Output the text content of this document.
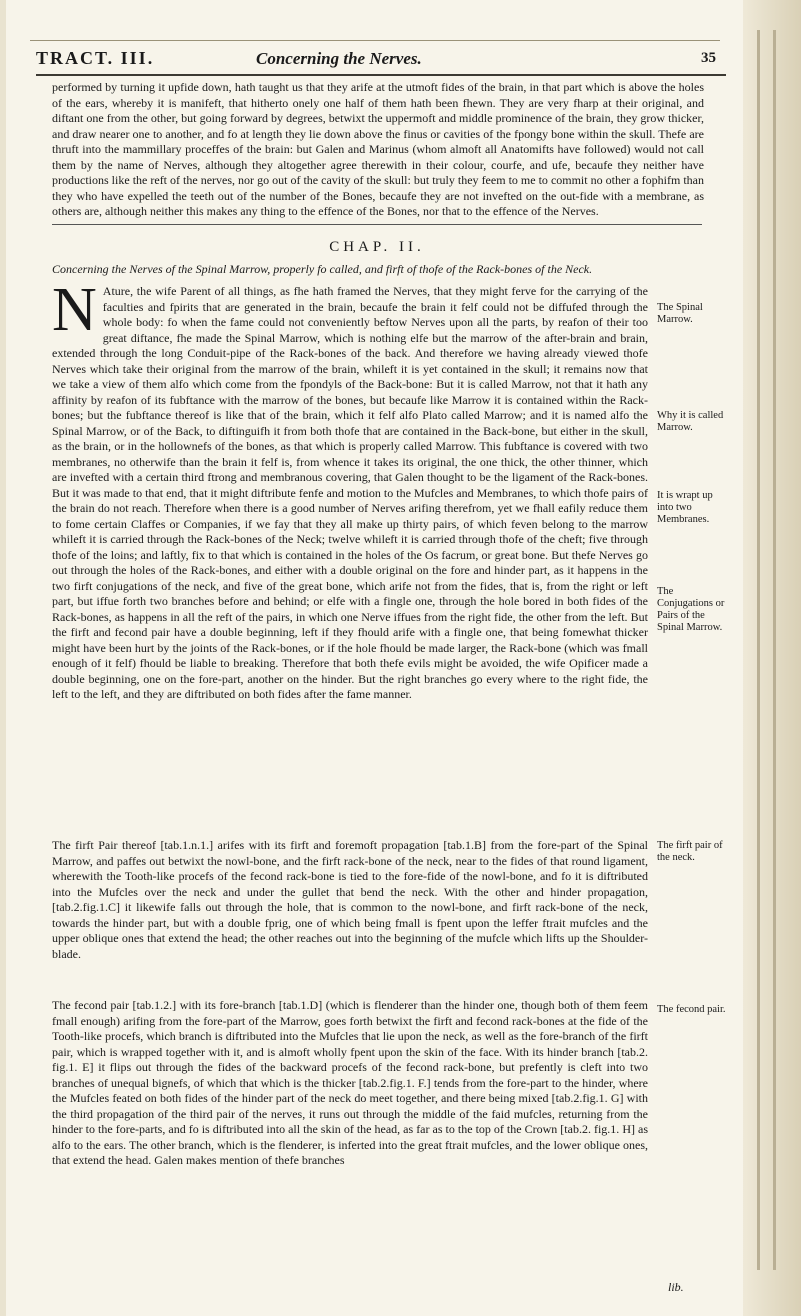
TRACT. III.	Concerning the Nerves.	35
performed by turning it upfide down, hath taught us that they arife at the utmoft fides of the brain, in that part which is above the holes of the ears, whereby it is manifeft, that hitherto onely one half of them hath been fhewn. They are very fharp at their original, and diftant one from the other, but going forward by degrees, betwixt the uppermoft and middle prominence of the brain, they grow thicker, and draw nearer one to another, and fo at length they lie down above the finus or cavities of the fpongy bone within the skull. Thefe are thruft into the mammillary proceffes of the brain: but Galen and Marinus (whom almoft all Anatomifts have followed) would not call them by the name of Nerves, although they altogether agree therewith in their colour, courfe, and ufe, becaufe they neither have productions like the reft of the nerves, nor go out of the cavity of the skull: but truly they feem to me to commit no other a fophifm than they who have expelled the teeth out of the number of the Bones, becaufe they are not invefted on the out-fide with a membrane, as others are, although neither this makes any thing to the effence of the Bones, nor that to the effence of the Nerves.
CHAP. II.
Concerning the Nerves of the Spinal Marrow, properly fo called, and firft of thofe of the Rack-bones of the Neck.
N Ature, the wife Parent of all things, as fhe hath framed the Nerves, that they might ferve for the carrying of the faculties and fpirits that are generated in the brain, becaufe the brain it felf could not be diffufed through the whole body: fo when the fame could not conveniently beftow Nerves upon all the parts, by reafon of their too great diftance, fhe made the Spinal Marrow, which is nothing elfe but the marrow of the after-brain and brain, extended through the long Conduit-pipe of the Rack-bones of the back. And therefore we having already viewed thofe Nerves which take their original from the marrow of the brain, whileft it is yet contained in the skull; it remains now that we take a view of them alfo which come from the fpondyls of the Back-bone: But it is called Marrow, not that it hath any affinity by reafon of its fubftance with the marrow of the bones, but becaufe like Marrow it is contained within the Rack-bones; but the fubftance thereof is like that of the brain, which it felf alfo Plato called Marrow; and it is named alfo the Spinal Marrow, or of the Back, to diftinguifh it from both thofe that are contained in the Back-bone, but either in the skull, as the brain, or in the hollownefs of the bones, as that which is properly called Marrow. This fubftance is covered with two membranes, no otherwife than the brain it felf is, from whence it takes its original, the one thick, the other thinner, which are invefted with a certain third ftrong and membranous covering, that Galen thought to be the ligament of the Rack-bones. But it was made to that end, that it might diftribute fenfe and motion to the Mufcles and Membranes, to which thofe pairs of the brain do not reach. Therefore when there is a good number of Nerves arifing therefrom, yet we fhall eafily reduce them to fome certain Claffes or Companies, if we fay that they all make up thirty pairs, of which feven belong to the marrow whileft it is carried through the Rack-bones of the Neck; twelve whileft it is carried through thofe of the cheft; five through thofe of the loins; and laftly, fix to that which is contained in the holes of the Os facrum, or great bone. But thefe Nerves go out through the holes of the Rack-bones, and either with a double original on the fore and hinder part, as it happens in the two firft conjugations of the neck, and five of the great bone, which arife not from the fides, that is, from the right or left part, but iffue forth two branches before and behind; or elfe with a fingle one, through the hole bored in both fides of the Rack-bones, as happens in all the reft of the pairs, in which one Nerve iffues from the right fide, the other from the left. But the firft and fecond pair have a double beginning, left if they fhould arife with a fingle one, that being fomewhat thicker might have been hurt by the joints of the Rack-bones, or if the hole fhould be made larger, the Rack-bone (which was fmall enough of it felf) fhould be liable to breaking. Therefore that both thefe evils might be avoided, the wife Opificer made a double beginning, one on the fore-part, another on the hinder. But the right branches go every where to the right fide, the left to the left, and they are diftributed on both fides after the fame manner.
The firft Pair thereof [tab.1.n.1.] arifes with its firft and foremoft propagation [tab.1.B] from the fore-part of the Spinal Marrow, and paffes out betwixt the nowl-bone, and the firft rack-bone of the neck, near to the fides of that round ligament, wherewith the Tooth-like procefs of the fecond rack-bone is tied to the fore-fide of the nowl-bone, and fo it is diftributed into the Mufcles over the neck and under the gullet that bend the neck. With the other and hinder propagation, [tab.2.fig.1.C] it likewife falls out through the hole, that is common to the nowl-bone, and firft rack-bone of the neck, towards the hinder part, but with a double fprig, one of which being fmall is fpent upon the leffer ftrait mufcles and the upper oblique ones that extend the head; the other reaches out into the beginning of the mufcle which lifts up the Shoulder-blade.
The fecond pair [tab.1.2.] with its fore-branch [tab.1.D] (which is flenderer than the hinder one, though both of them feem fmall enough) arifing from the fore-part of the Marrow, goes forth betwixt the firft and fecond rack-bones at the fide of the Tooth-like procefs, which branch is diftributed into the Mufcles that lie upon the neck, as well as the fore-branch of the firft pair, which is wrapped together with it, and is almoft wholly fpent upon the skin of the face. With its hinder branch [tab.2. fig.1. E] it flips out through the fides of the backward procefs of the fecond rack-bone, but prefently is cleft into two branches of unequal bignefs, of which that which is the thicker [tab.2.fig.1. F.] tends from the fore-part to the hinder, where the Mufcles feated on both fides of the hinder part of the neck do meet together, and there being mixed [tab.2.fig.1. G] with the third propagation of the third pair of the nerves, it runs out through the middle of the faid mufcles, returning from the hinder to the fore-parts, and fo is diftributed into all the skin of the head, as far as to the top of the Crown [tab.2. fig.1. H] as alfo to the ears. The other branch, which is the flenderer, is inferted into the great ftrait mufcles, and the lower oblique ones, that extend the head. Galen makes mention of thefe branches
The Spinal Marrow.
Why it is called Marrow.
It is wrapt up into two Membranes.
The Conjugations or Pairs of the Spinal Marrow.
The firft pair of the neck.
The fecond pair.
lib.
